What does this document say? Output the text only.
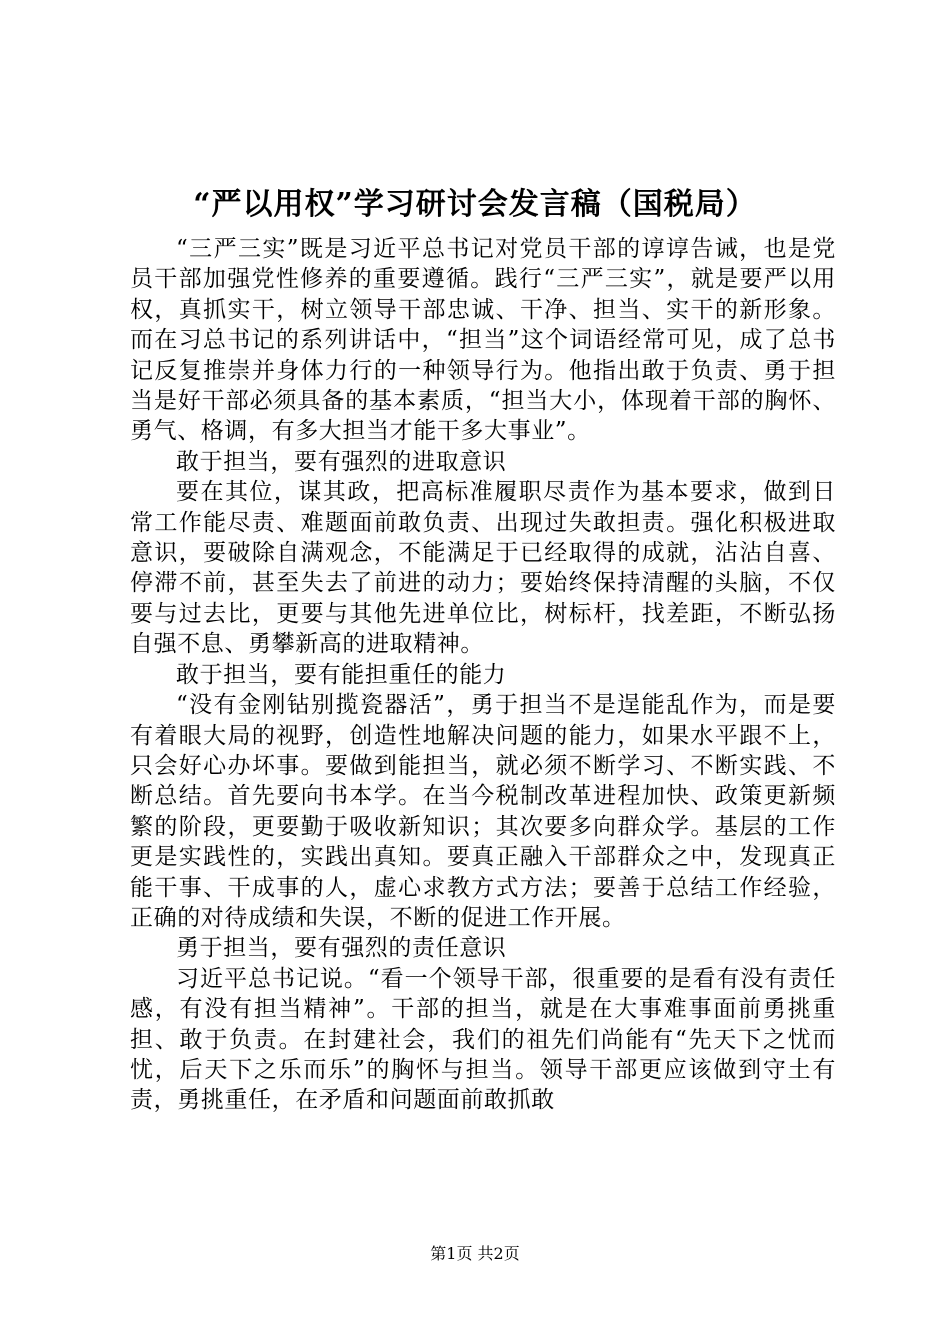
“严以用权”学习研讨会发言稿（国税局）

“三严三实”既是习近平总书记对党员干部的谆谆告诫，也是党员干部加强党性修养的重要遵循。践行“三严三实”，就是要严以用权，真抓实干，树立领导干部忠诚、干净、担当、实干的新形象。而在习总书记的系列讲话中，“担当”这个词语经常可见，成了总书记反复推崇并身体力行的一种领导行为。他指出敢于负责、勇于担当是好干部必须具备的基本素质，“担当大小，体现着干部的胸怀、勇气、格调，有多大担当才能干多大事业”。

敢于担当，要有强烈的进取意识

要在其位，谋其政，把高标准履职尽责作为基本要求，做到日常工作能尽责、难题面前敢负责、出现过失敢担责。强化积极进取意识，要破除自满观念，不能满足于已经取得的成就，沾沾自喜、停滞不前，甚至失去了前进的动力；要始终保持清醒的头脑，不仅要与过去比，更要与其他先进单位比，树标杆，找差距，不断弘扬自强不息、勇攀新高的进取精神。

敢于担当，要有能担重任的能力

“没有金刚钻别揽瓷器活”，勇于担当不是逞能乱作为，而是要有着眼大局的视野，创造性地解决问题的能力，如果水平跟不上，只会好心办坏事。要做到能担当，就必须不断学习、不断实践、不断总结。首先要向书本学。在当今税制改革进程加快、政策更新频繁的阶段，更要勤于吸收新知识；其次要多向群众学。基层的工作更是实践性的，实践出真知。要真正融入干部群众之中，发现真正能干事、干成事的人，虚心求教方式方法；要善于总结工作经验，正确的对待成绩和失误，不断的促进工作开展。

勇于担当，要有强烈的责任意识

习近平总书记说。“看一个领导干部，很重要的是看有没有责任感，有没有担当精神”。干部的担当，就是在大事难事面前勇挑重担、敢于负责。在封建社会，我们的祖先们尚能有“先天下之忧而忧，后天下之乐而乐”的胸怀与担当。领导干部更应该做到守土有责，勇挑重任，在矛盾和问题面前敢抓敢

第1页 共2页
